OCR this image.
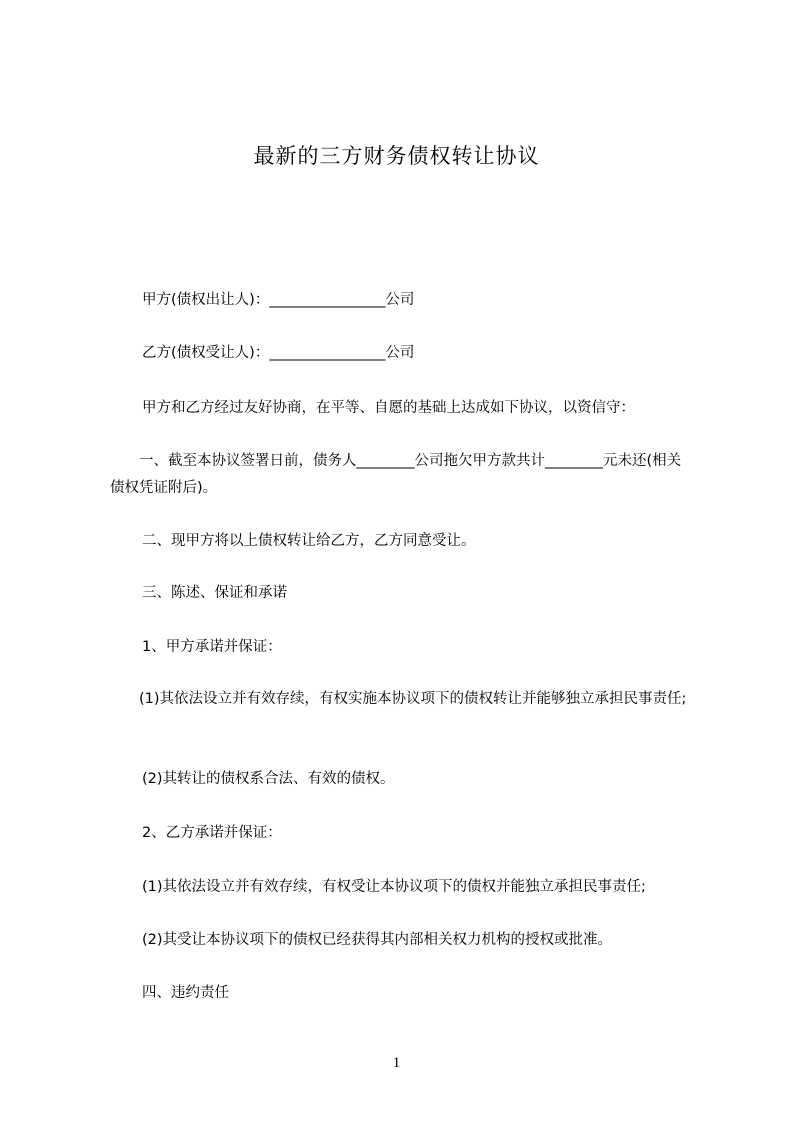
最新的三方财务债权转让协议
　　甲方(债权出让人)：________________公司
　　乙方(债权受让人)：________________公司
　　甲方和乙方经过友好协商，在平等、自愿的基础上达成如下协议，以资信守：
　　一、截至本协议签署日前，债务人________公司拖欠甲方款共计________元未还(相关债权凭证附后)。
　　二、现甲方将以上债权转让给乙方，乙方同意受让。
　　三、陈述、保证和承诺
　　1、甲方承诺并保证：
　　(1)其依法设立并有效存续，有权实施本协议项下的债权转让并能够独立承担民事责任;
　　(2)其转让的债权系合法、有效的债权。
　　2、乙方承诺并保证：
　　(1)其依法设立并有效存续，有权受让本协议项下的债权并能独立承担民事责任;
　　(2)其受让本协议项下的债权已经获得其内部相关权力机构的授权或批准。
　　四、违约责任
1
